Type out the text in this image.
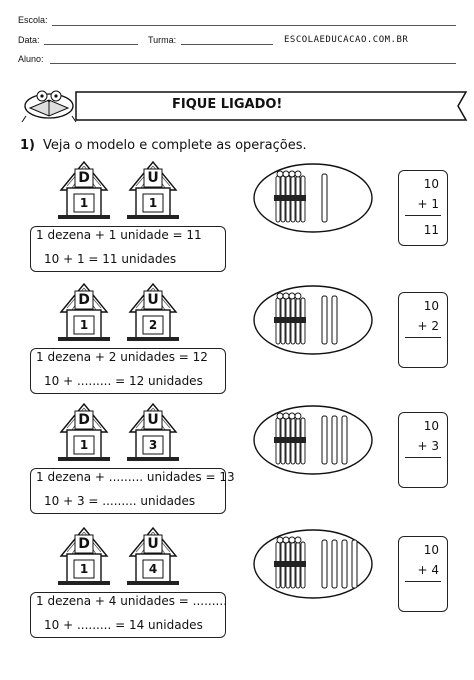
Escola:
Data:	Turma:	ESCOLAEDUCACAO.COM.BR
Aluno:
FIQUE LIGADO!
1) Veja o modelo e complete as operações.
D
1
U
1
1 dezena + 1 unidade = 11
10 + 1 = 11 unidades
10
+ 1
11
D
1
U
2
1 dezena + 2 unidades = 12
10 + ......... = 12 unidades
10
+ 2
D
1
U
3
1 dezena + ......... unidades = 13
10 + 3 = ......... unidades
10
+ 3
D
1
U
4
1 dezena + 4 unidades = .........
10 + ......... = 14 unidades
10
+ 4
